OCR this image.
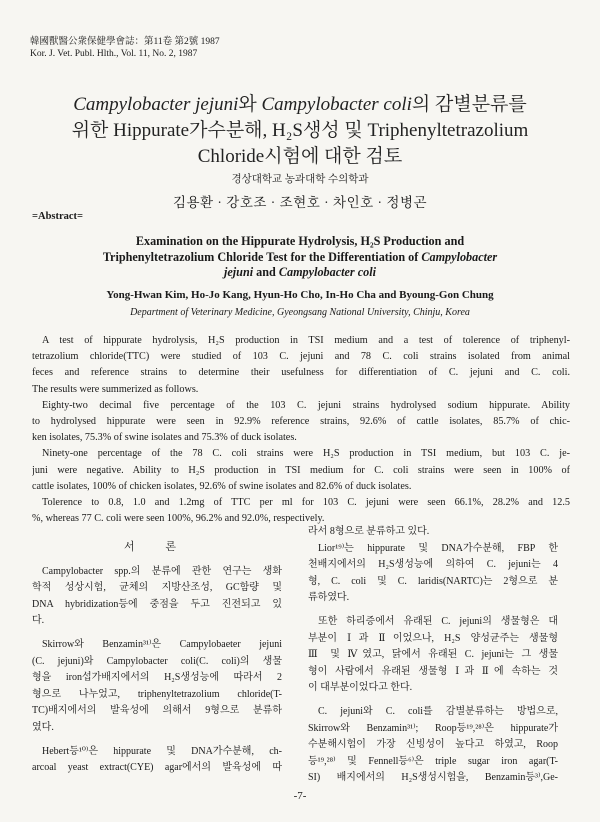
韓國獸醫公衆保健學會誌：第11卷 第2號 1987
Kor. J. Vet. Publ. Hlth., Vol. 11, No. 2, 1987
Campylobacter jejuni와 Campylobacter coli의 감별분류를
위한 Hippurate가수분해, H₂S생성 및 Triphenyltetrazolium
Chloride시험에 대한 검토
경상대학교 농과대학 수의학과
김용환 · 강호조 · 조현호 · 차인호 · 정병곤
=Abstract=
Examination on the Hippurate Hydrolysis, H₂S Production and
Triphenyltetrazolium Chloride Test for the Differentiation of Campylobacter
jejuni and Campylobacter coli
Yong-Hwan Kim, Ho-Jo Kang, Hyun-Ho Cho, In-Ho Cha and Byoung-Gon Chung
Department of Veterinary Medicine, Gyeongsang National University, Chinju, Korea
A test of hippurate hydrolysis, H₂S production in TSI medium and a test of tolerence of triphenyl-
tetrazolium chloride(TTC) were studied of 103 C. jejuni and 78 C. coli strains isolated from animal
feces and reference strains to determine their usefulness for differentiation of C. jejuni and C. coli.
The results were summerized as follows.
Eighty-two decimal five percentage of the 103 C. jejuni strains hydrolysed sodium hippurate. Ability
to hydrolysed hippurate were seen in 92.9% reference strains, 92.6% of cattle isolates, 85.7% of chic-
ken isolates, 75.3% of swine isolates and 75.3% of duck isolates.
Ninety-one percentage of the 78 C. coli strains were H₂S production in TSI medium, but 103 C. je-
juni were negative. Ability to H₂S production in TSI medium for C. coli strains were seen in 100% of
cattle isolates, 100% of chicken isolates, 92.6% of swine isolates and 82.6% of duck isolates.
Tolerence to 0.8, 1.0 and 1.2mg of TTC per ml for 103 C. jejuni were seen 66.1%, 28.2% and 12.5
%, whereas 77 C. coli were seen 100%, 96.2% and 92.0%, respectively.
서 론
Campylobacter spp.의 분류에 관한 연구는 생화
학적 성상시험, 균체의 지방산조성, GC함량 및
DNA hybridization등에 중점을 두고 진전되고 있
다.
Skirrow와 Benzamin³¹⁾은 Campylobaeter jejuni
(C. jejuni)와 Campylobacter coli(C. coli)의 생물
형을 iron섭가배지에서의 H₂S생성능에 따라서 2
형으로 나누었고, triphenyltetrazolium chloride(T-
TC)배지에서의 발육성에 의해서 9형으로 분류하
였다.
Hebert등¹⁰⁾은 hippurate 및 DNA가수분해, ch-
arcoal yeast extract(CYE) agar에서의 발육성에 따
라서 8형으로 분류하고 있다.
Lior¹⁹⁾는 hippurate 및 DNA가수분해, FBP 한
천배지에서의 H₂S생성능에 의하여 C. jejuni는 4
형, C. coli 및 C. laridis(NARTC)는 2형으로 분
류하였다.
또한 하리증에서 유래된 C. jejuni의 생물형은 대
부분이 Ⅰ과 Ⅱ이었으나, H₂S 양성균주는 생물형
Ⅲ 및 Ⅳ였고, 닭에서 유래된 C. jejuni는 그 생물
형이 사람에서 유래된 생물형 Ⅰ과 Ⅱ에 속하는 것
이 대부분이었다고 한다.
C. jejuni와 C. coli를 감별분류하는 방법으로,
Skirrow와 Benzamin³¹⁾; Roop등¹⁹,²⁸⁾은 hippurate가
수분해시험이 가장 신빙성이 높다고 하였고, Roop
등¹⁹,²⁸⁾ 및 Fennell등⁶⁾은 triple sugar iron agar(T-
SI) 배지에서의 H₂S생성시험을, Benzamin등³⁾,Ge-
-7-
